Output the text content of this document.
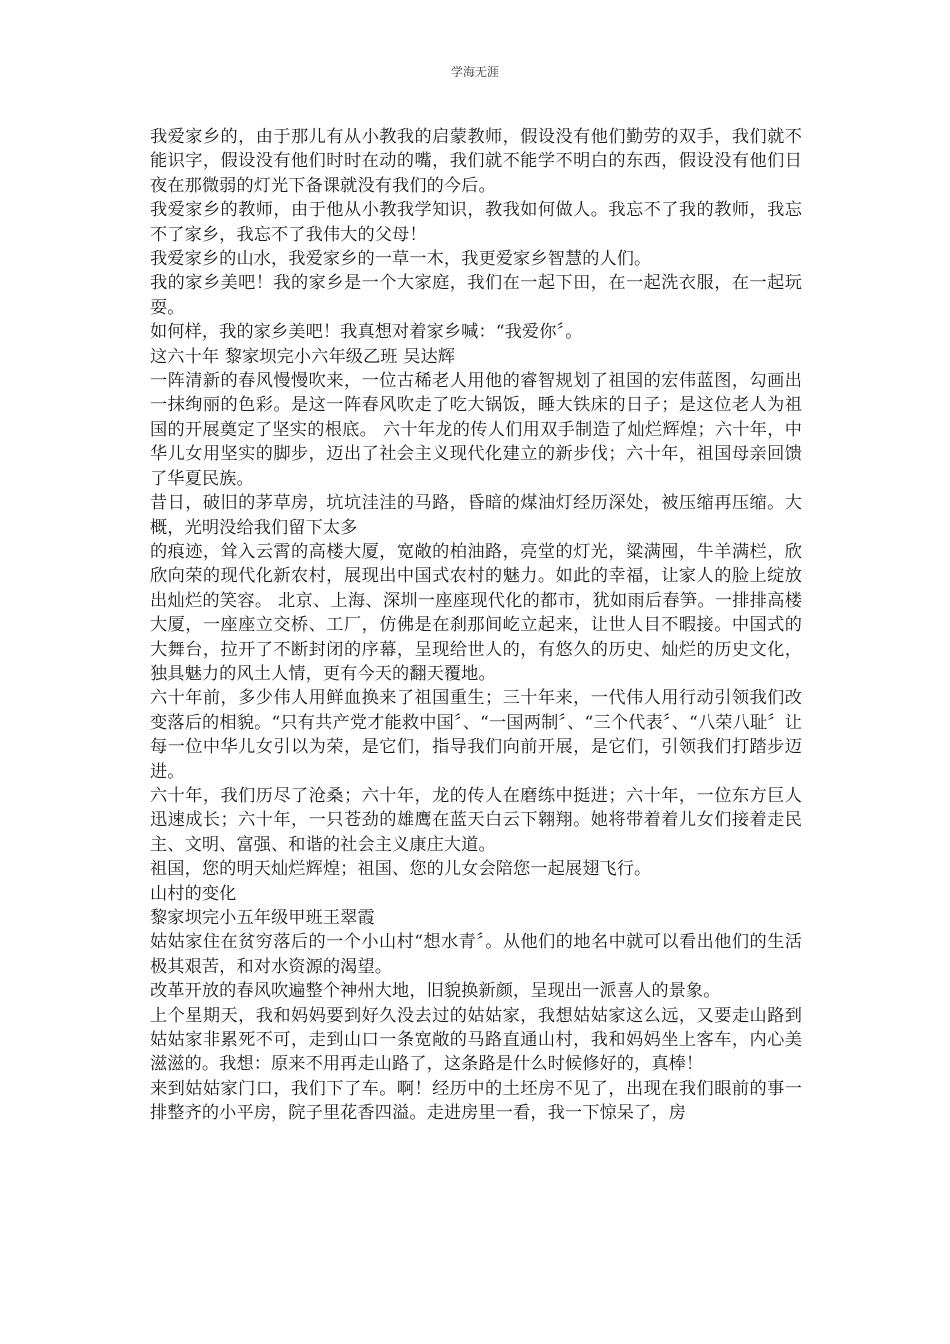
学海无涯

我爱家乡的，由于那儿有从小教我的启蒙教师，假设没有他们勤劳的双手，我们就不能识字，假设没有他们时时在动的嘴，我们就不能学不明白的东西，假设没有他们日夜在那微弱的灯光下备课就没有我们的今后。

我爱家乡的教师，由于他从小教我学知识，教我如何做人。我忘不了我的教师，我忘不了家乡，我忘不了我伟大的父母！

我爱家乡的山水，我爱家乡的一草一木，我更爱家乡智慧的人们。

我的家乡美吧！我的家乡是一个大家庭，我们在一起下田，在一起洗衣服，在一起玩耍。

如何样，我的家乡美吧！我真想对着家乡喊：“我爱你〞。

这六十年 黎家坝完小六年级乙班 吴达辉

一阵清新的春风慢慢吹来，一位古稀老人用他的睿智规划了祖国的宏伟蓝图，勾画出一抹绚丽的色彩。是这一阵春风吹走了吃大锅饭，睡大铁床的日子；是这位老人为祖国的开展奠定了坚实的根底。 六十年龙的传人们用双手制造了灿烂辉煌；六十年，中华儿女用坚实的脚步，迈出了社会主义现代化建立的新步伐；六十年，祖国母亲回馈了华夏民族。

昔日，破旧的茅草房，坑坑洼洼的马路，昏暗的煤油灯经历深处，被压缩再压缩。大概，光明没给我们留下太多

的痕迹，耸入云霄的高楼大厦，宽敞的柏油路，亮堂的灯光，粱满囤，牛羊满栏，欣欣向荣的现代化新农村，展现出中国式农村的魅力。如此的幸福，让家人的脸上绽放出灿烂的笑容。 北京、上海、深圳一座座现代化的都市，犹如雨后春笋。一排排高楼大厦，一座座立交桥、工厂，仿佛是在刹那间屹立起来，让世人目不暇接。中国式的大舞台，拉开了不断封闭的序幕，呈现给世人的，有悠久的历史、灿烂的历史文化，独具魅力的风土人情，更有今天的翻天覆地。

六十年前，多少伟人用鲜血换来了祖国重生；三十年来，一代伟人用行动引领我们改变落后的相貌。“只有共产党才能救中国〞、“一国两制〞、“三个代表〞、“八荣八耻〞让每一位中华儿女引以为荣，是它们，指导我们向前开展，是它们，引领我们打踏步迈进。

六十年，我们历尽了沧桑；六十年，龙的传人在磨练中挺进；六十年，一位东方巨人迅速成长；六十年，一只苍劲的雄鹰在蓝天白云下翱翔。她将带着着儿女们接着走民主、文明、富强、和谐的社会主义康庄大道。

祖国，您的明天灿烂辉煌；祖国、您的儿女会陪您一起展翅飞行。

山村的变化

黎家坝完小五年级甲班王翠霞

姑姑家住在贫穷落后的一个小山村“想水青〞。从他们的地名中就可以看出他们的生活极其艰苦，和对水资源的渴望。

改革开放的春风吹遍整个神州大地，旧貌换新颜，呈现出一派喜人的景象。

上个星期天，我和妈妈要到好久没去过的姑姑家，我想姑姑家这么远，又要走山路到姑姑家非累死不可，走到山口一条宽敞的马路直通山村，我和妈妈坐上客车，内心美滋滋的。我想：原来不用再走山路了，这条路是什么时候修好的，真棒！

来到姑姑家门口，我们下了车。啊！经历中的土坯房不见了，出现在我们眼前的事一排整齐的小平房，院子里花香四溢。走进房里一看，我一下惊呆了，房
